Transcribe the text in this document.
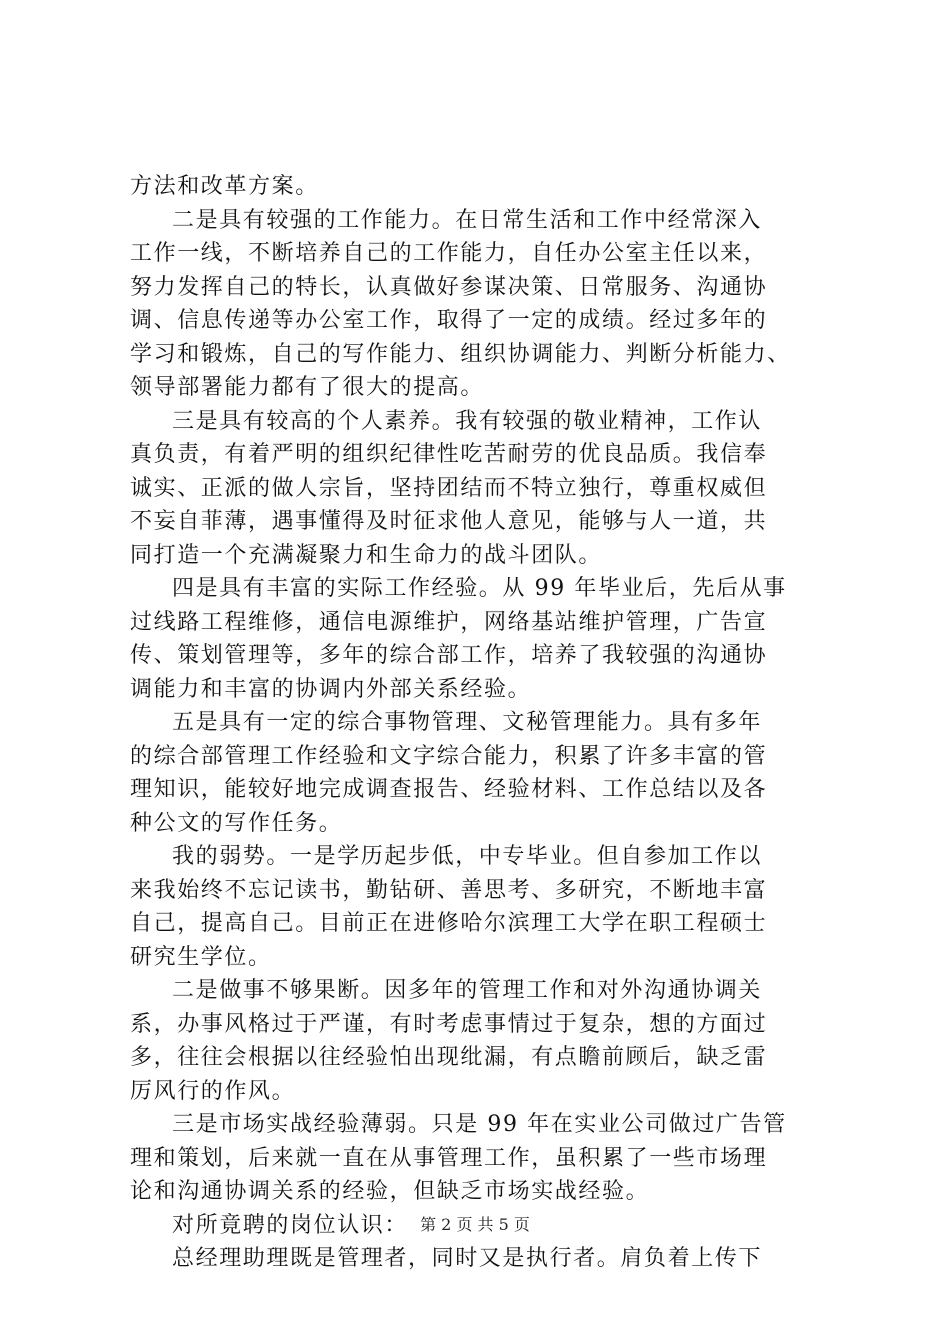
方法和改革方案。
二是具有较强的工作能力。在日常生活和工作中经常深入
工作一线，不断培养自己的工作能力，自任办公室主任以来，
努力发挥自己的特长，认真做好参谋决策、日常服务、沟通协
调、信息传递等办公室工作，取得了一定的成绩。经过多年的
学习和锻炼，自己的写作能力、组织协调能力、判断分析能力、
领导部署能力都有了很大的提高。
三是具有较高的个人素养。我有较强的敬业精神，工作认
真负责，有着严明的组织纪律性吃苦耐劳的优良品质。我信奉
诚实、正派的做人宗旨，坚持团结而不特立独行，尊重权威但
不妄自菲薄，遇事懂得及时征求他人意见，能够与人一道，共
同打造一个充满凝聚力和生命力的战斗团队。
四是具有丰富的实际工作经验。从 99 年毕业后，先后从事
过线路工程维修，通信电源维护，网络基站维护管理，广告宣
传、策划管理等，多年的综合部工作，培养了我较强的沟通协
调能力和丰富的协调内外部关系经验。
五是具有一定的综合事物管理、文秘管理能力。具有多年
的综合部管理工作经验和文字综合能力，积累了许多丰富的管
理知识，能较好地完成调查报告、经验材料、工作总结以及各
种公文的写作任务。
我的弱势。一是学历起步低，中专毕业。但自参加工作以
来我始终不忘记读书，勤钻研、善思考、多研究，不断地丰富
自己，提高自己。目前正在进修哈尔滨理工大学在职工程硕士
研究生学位。
二是做事不够果断。因多年的管理工作和对外沟通协调关
系，办事风格过于严谨，有时考虑事情过于复杂，想的方面过
多，往往会根据以往经验怕出现纰漏，有点瞻前顾后，缺乏雷
厉风行的作风。
三是市场实战经验薄弱。只是 99 年在实业公司做过广告管
理和策划，后来就一直在从事管理工作，虽积累了一些市场理
论和沟通协调关系的经验，但缺乏市场实战经验。
对所竟聘的岗位认识：
总经理助理既是管理者，同时又是执行者。肩负着上传下
第 2 页 共 5 页
